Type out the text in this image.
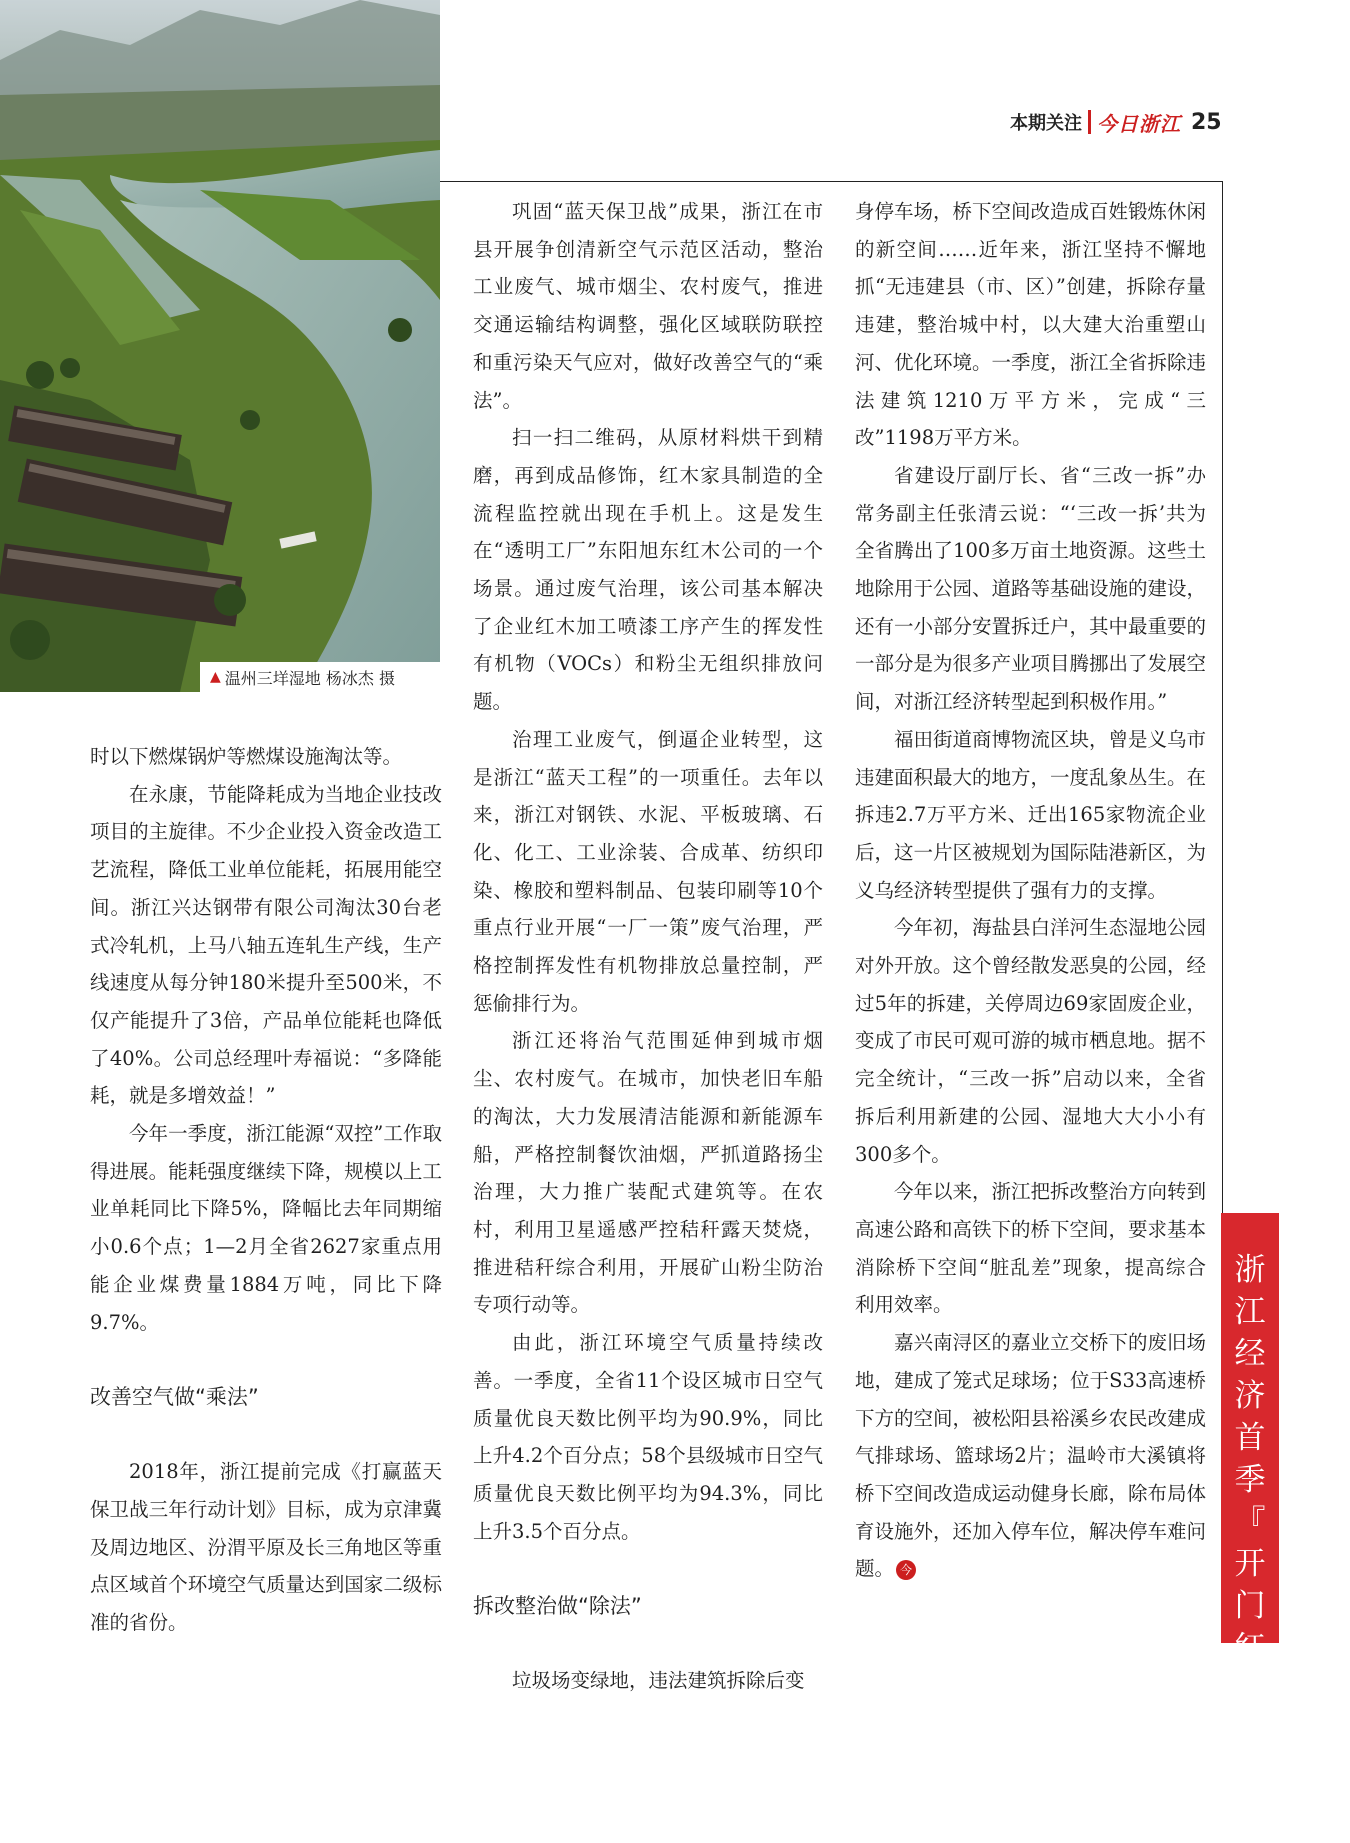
▲ 温州三垟湿地 杨冰杰 摄
本期关注 今日浙江 25

时以下燃煤锅炉等燃煤设施淘汰等。

在永康，节能降耗成为当地企业技改项目的主旋律。不少企业投入资金改造工艺流程，降低工业单位能耗，拓展用能空间。浙江兴达钢带有限公司淘汰30台老式冷轧机，上马八轴五连轧生产线，生产线速度从每分钟180米提升至500米，不仅产能提升了3倍，产品单位能耗也降低了40%。公司总经理叶寿福说：“多降能耗，就是多增效益！”

今年一季度，浙江能源“双控”工作取得进展。能耗强度继续下降，规模以上工业单耗同比下降5%，降幅比去年同期缩小0.6个点；1—2月全省2627家重点用能企业煤费量1884万吨，同比下降9.7%。

改善空气做“乘法”

2018年，浙江提前完成《打赢蓝天保卫战三年行动计划》目标，成为京津冀及周边地区、汾渭平原及长三角地区等重点区域首个环境空气质量达到国家二级标准的省份。

巩固“蓝天保卫战”成果，浙江在市县开展争创清新空气示范区活动，整治工业废气、城市烟尘、农村废气，推进交通运输结构调整，强化区域联防联控和重污染天气应对，做好改善空气的“乘法”。

扫一扫二维码，从原材料烘干到精磨，再到成品修饰，红木家具制造的全流程监控就出现在手机上。这是发生在“透明工厂”东阳旭东红木公司的一个场景。通过废气治理，该公司基本解决了企业红木加工喷漆工序产生的挥发性有机物（VOCs）和粉尘无组织排放问题。

治理工业废气，倒逼企业转型，这是浙江“蓝天工程”的一项重任。去年以来，浙江对钢铁、水泥、平板玻璃、石化、化工、工业涂装、合成革、纺织印染、橡胶和塑料制品、包装印刷等10个重点行业开展“一厂一策”废气治理，严格控制挥发性有机物排放总量控制，严惩偷排行为。

浙江还将治气范围延伸到城市烟尘、农村废气。在城市，加快老旧车船的淘汰，大力发展清洁能源和新能源车船，严格控制餐饮油烟，严抓道路扬尘治理，大力推广装配式建筑等。在农村，利用卫星遥感严控秸秆露天焚烧，推进秸秆综合利用，开展矿山粉尘防治专项行动等。

由此，浙江环境空气质量持续改善。一季度，全省11个设区城市日空气质量优良天数比例平均为90.9%，同比上升4.2个百分点；58个县级城市日空气质量优良天数比例平均为94.3%，同比上升3.5个百分点。

拆改整治做“除法”

垃圾场变绿地，违法建筑拆除后变

身停车场，桥下空间改造成百姓锻炼休闲的新空间……近年来，浙江坚持不懈地抓“无违建县（市、区）”创建，拆除存量违建，整治城中村，以大建大治重塑山河、优化环境。一季度，浙江全省拆除违法建筑1210万平方米，完成“三改”1198万平方米。

省建设厅副厅长、省“三改一拆”办常务副主任张清云说：“‘三改一拆’共为全省腾出了100多万亩土地资源。这些土地除用于公园、道路等基础设施的建设，还有一小部分安置拆迁户，其中最重要的一部分是为很多产业项目腾挪出了发展空间，对浙江经济转型起到积极作用。”

福田街道商博物流区块，曾是义乌市违建面积最大的地方，一度乱象丛生。在拆违2.7万平方米、迁出165家物流企业后，这一片区被规划为国际陆港新区，为义乌经济转型提供了强有力的支撑。

今年初，海盐县白洋河生态湿地公园对外开放。这个曾经散发恶臭的公园，经过5年的拆建，关停周边69家固废企业，变成了市民可观可游的城市栖息地。据不完全统计，“三改一拆”启动以来，全省拆后利用新建的公园、湿地大大小小有300多个。

今年以来，浙江把拆改整治方向转到高速公路和高铁下的桥下空间，要求基本消除桥下空间“脏乱差”现象，提高综合利用效率。

嘉兴南浔区的嘉业立交桥下的废旧场地，建成了笼式足球场；位于S33高速桥下方的空间，被松阳县裕溪乡农民改建成气排球场、篮球场2片；温岭市大溪镇将桥下空间改造成运动健身长廊，除布局体育设施外，还加入停车位，解决停车难问题。 今

浙
江
经
济
首
季
『
开
门
红
』
